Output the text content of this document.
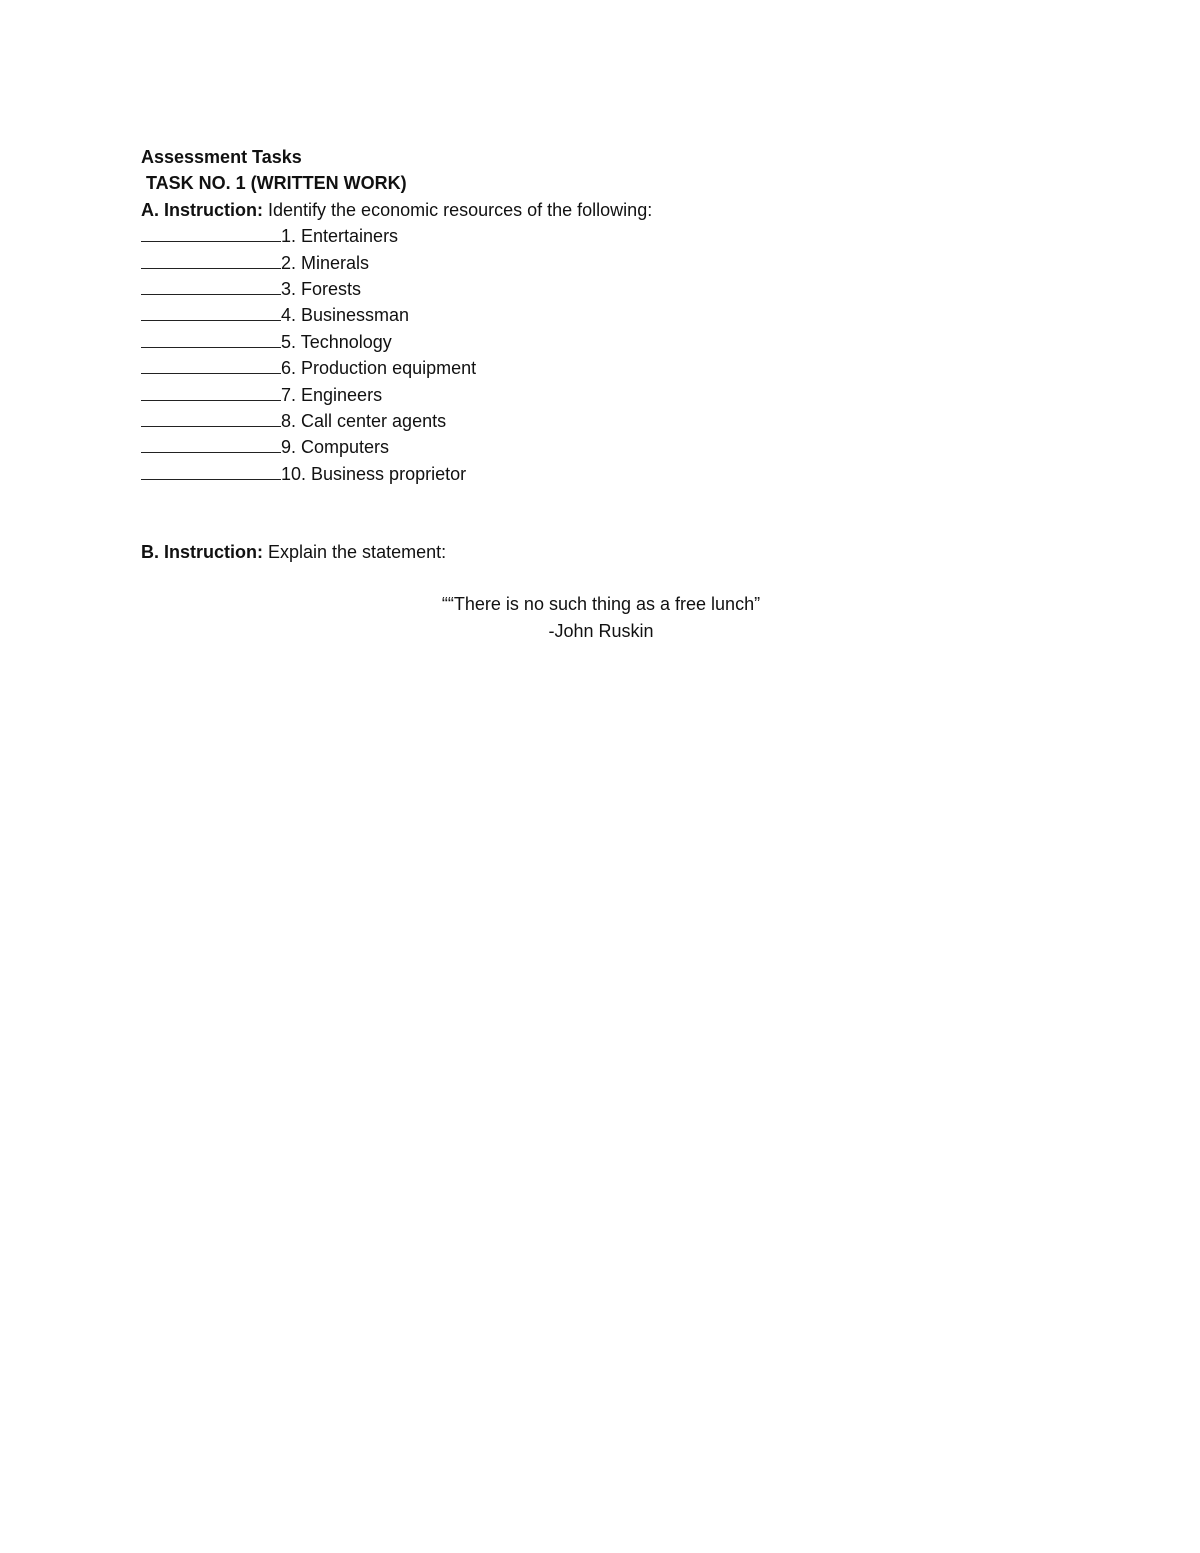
Assessment Tasks
TASK NO. 1 (WRITTEN WORK)
A. Instruction: Identify the economic resources of the following:
1. Entertainers
2. Minerals
3. Forests
4. Businessman
5. Technology
6. Production equipment
7. Engineers
8. Call center agents
9. Computers
10. Business proprietor
B. Instruction: Explain the statement:
““There is no such thing as a free lunch”
-John Ruskin
